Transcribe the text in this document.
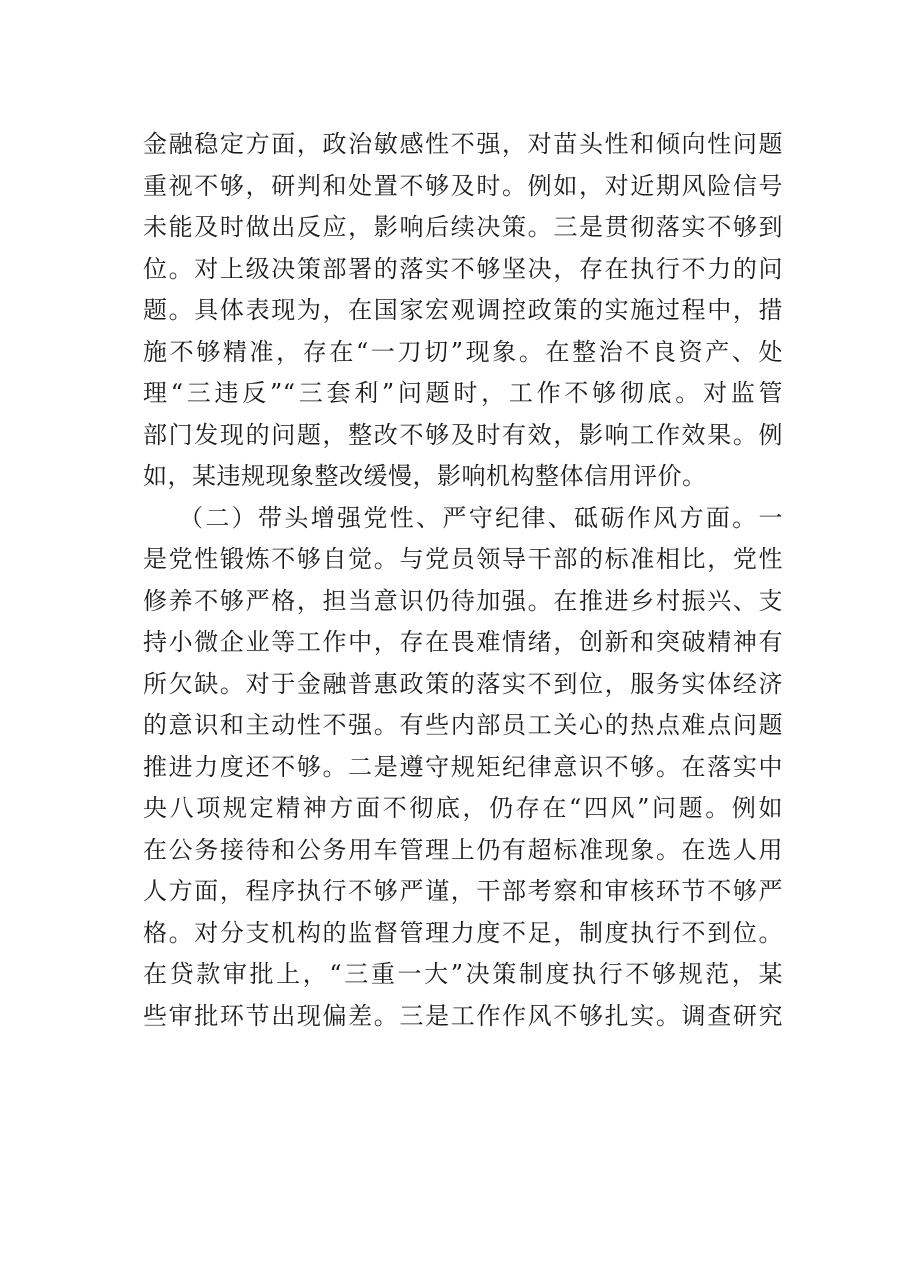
金融稳定方面，政治敏感性不强，对苗头性和倾向性问题
重视不够，研判和处置不够及时。例如，对近期风险信号
未能及时做出反应，影响后续决策。三是贯彻落实不够到
位。对上级决策部署的落实不够坚决，存在执行不力的问
题。具体表现为，在国家宏观调控政策的实施过程中，措
施不够精准，存在“一刀切”现象。在整治不良资产、处
理“三违反”“三套利”问题时，工作不够彻底。对监管
部门发现的问题，整改不够及时有效，影响工作效果。例
如，某违规现象整改缓慢，影响机构整体信用评价。
（二）带头增强党性、严守纪律、砥砺作风方面。一
是党性锻炼不够自觉。与党员领导干部的标准相比，党性
修养不够严格，担当意识仍待加强。在推进乡村振兴、支
持小微企业等工作中，存在畏难情绪，创新和突破精神有
所欠缺。对于金融普惠政策的落实不到位，服务实体经济
的意识和主动性不强。有些内部员工关心的热点难点问题
推进力度还不够。二是遵守规矩纪律意识不够。在落实中
央八项规定精神方面不彻底，仍存在“四风”问题。例如
在公务接待和公务用车管理上仍有超标准现象。在选人用
人方面，程序执行不够严谨，干部考察和审核环节不够严
格。对分支机构的监督管理力度不足，制度执行不到位。
在贷款审批上，“三重一大”决策制度执行不够规范，某
些审批环节出现偏差。三是工作作风不够扎实。调查研究
